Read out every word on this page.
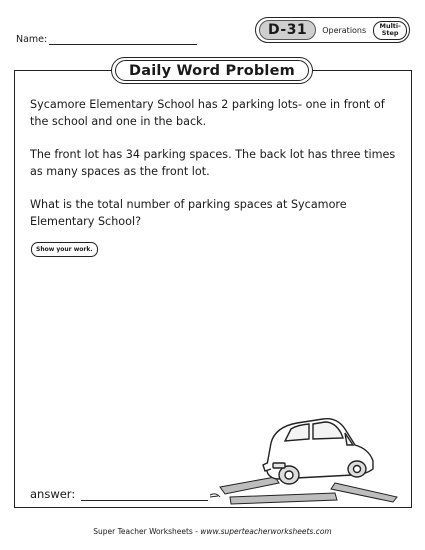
Name:
D-31	Operations	Multi-
Step
Daily Word Problem
Sycamore Elementary School has 2 parking lots- one in front of the school and one in the back.
The front lot has 34 parking spaces. The back lot has three times as many spaces as the front lot.
What is the total number of parking spaces at Sycamore Elementary School?
Show your work.
answer:
Super Teacher Worksheets - www.superteacherworksheets.com
